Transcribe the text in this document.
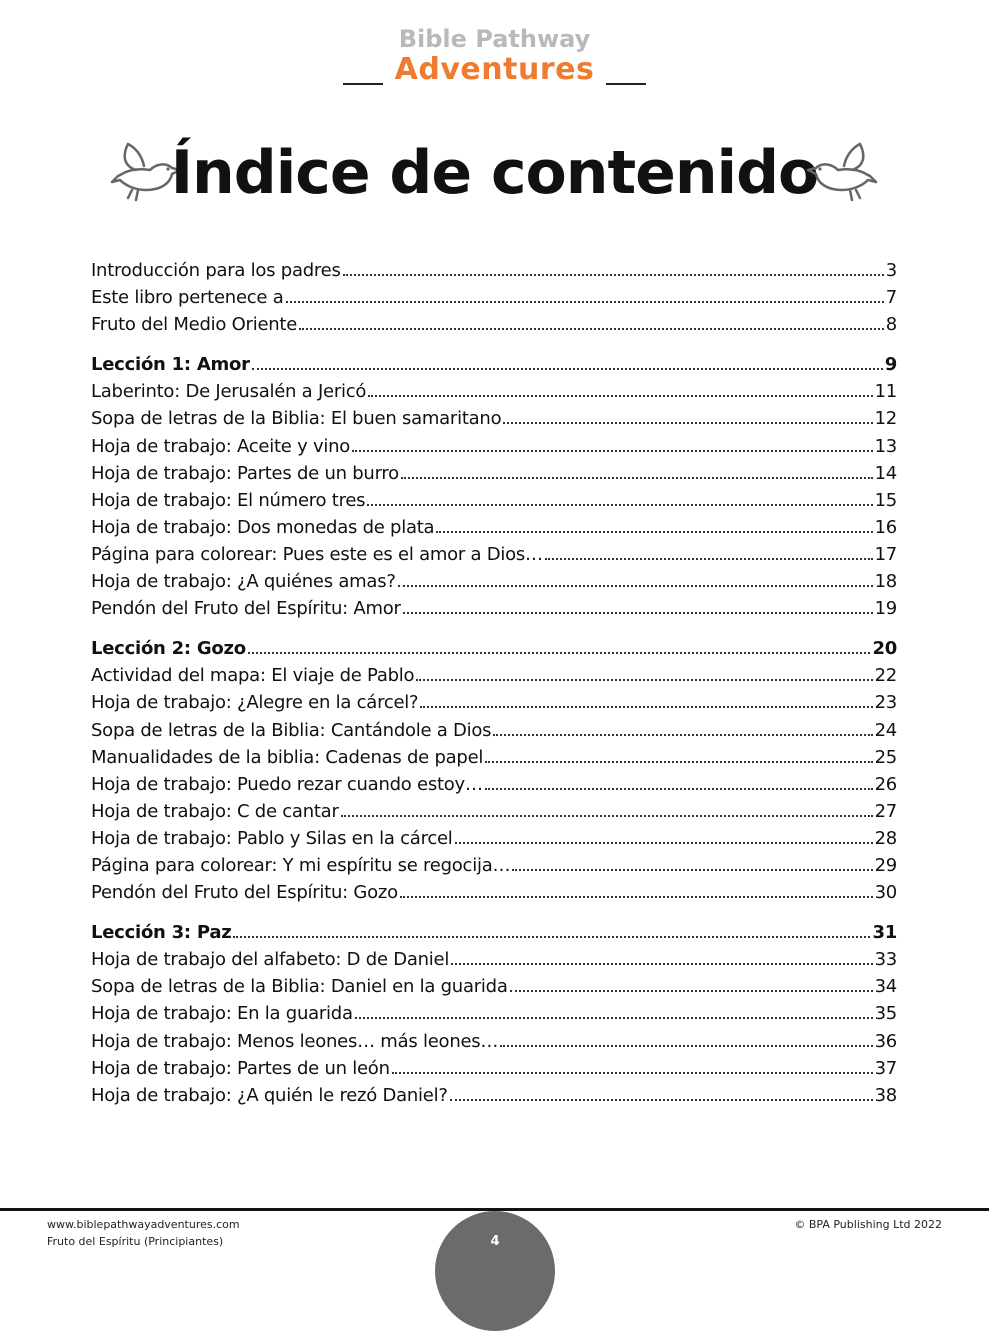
Bible Pathway
Adventures
Índice de contenido
Introducción para los padres	3
Este libro pertenece a	7
Fruto del Medio Oriente	8
Lección 1: Amor	9
Laberinto: De Jerusalén a Jericó	11
Sopa de letras de la Biblia: El buen samaritano	12
Hoja de trabajo: Aceite y vino	13
Hoja de trabajo: Partes de un burro	14
Hoja de trabajo: El número tres	15
Hoja de trabajo: Dos monedas de plata	16
Página para colorear: Pues este es el amor a Dios…	17
Hoja de trabajo: ¿A quiénes amas?	18
Pendón del Fruto del Espíritu: Amor	19
Lección 2: Gozo	20
Actividad del mapa: El viaje de Pablo	22
Hoja de trabajo: ¿Alegre en la cárcel?	23
Sopa de letras de la Biblia: Cantándole a Dios	24
Manualidades de la biblia: Cadenas de papel	25
Hoja de trabajo: Puedo rezar cuando estoy…	26
Hoja de trabajo: C de cantar	27
Hoja de trabajo: Pablo y Silas en la cárcel	28
Página para colorear: Y mi espíritu se regocija…	29
Pendón del Fruto del Espíritu: Gozo	30
Lección 3: Paz	31
Hoja de trabajo del alfabeto: D de Daniel	33
Sopa de letras de la Biblia: Daniel en la guarida	34
Hoja de trabajo: En la guarida	35
Hoja de trabajo: Menos leones… más leones…	36
Hoja de trabajo: Partes de un león	37
Hoja de trabajo: ¿A quién le rezó Daniel?	38
www.biblepathwayadventures.com
Fruto del Espíritu (Principiantes)
© BPA Publishing Ltd 2022
4
